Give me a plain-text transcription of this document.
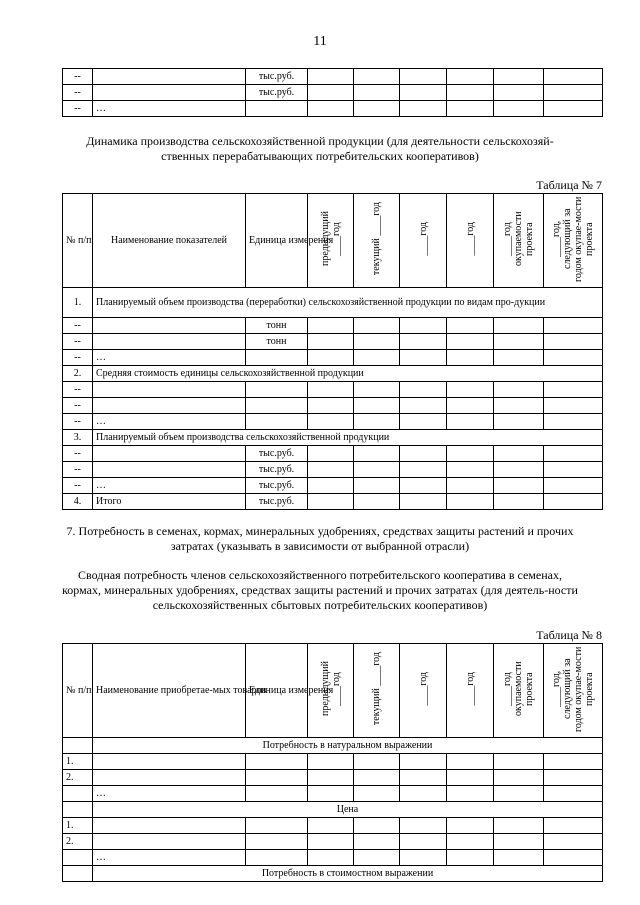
11
--		тыс.руб.						
--		тыс.руб.						
--	…							
Динамика производства сельскохозяйственной продукции (для деятельности сельскохозяй-ственных перерабатывающих потребительских кооперативов)
Таблица № 7
№ п/п	Наименование показателей	Единица измерения	предыдущий ____год	текущий ____год	____год	____год	____год окупаемости проекта	____год, следующий за годом окупае-мости проекта
1.	Планируемый объем производства (переработки) сельскохозяйственной продукции по видам про-дукции							
--		тонн						
--		тонн						
--	…							
2.	Средняя стоимость единицы сельскохозяйственной продукции							
--								
--								
--	…							
3.	Планируемый объем производства сельскохозяйственной продукции							
--		тыс.руб.						
--		тыс.руб.						
--	…	тыс.руб.						
4.	Итого	тыс.руб.						
7. Потребность в семенах, кормах, минеральных удобрениях, средствах защиты растений и прочих затратах (указывать в зависимости от выбранной отрасли)
Сводная потребность членов сельскохозяйственного потребительского кооператива в семенах, кормах, минеральных удобрениях, средствах защиты растений и прочих затратах (для деятель-ности сельскохозяйственных сбытовых потребительских кооперативов)
Таблица № 8
№ п/п	Наименование приобретае-мых товаров	Единица измерения	предыдущий ____год	текущий ____год	____год	____год	____год окупаемости проекта	____год, следующий за годом окупае-мости проекта
	Потребность в натуральном выражении							
1.								
2.								
	…							
	Цена							
1.								
2.								
	…							
	Потребность в стоимостном выражении							
